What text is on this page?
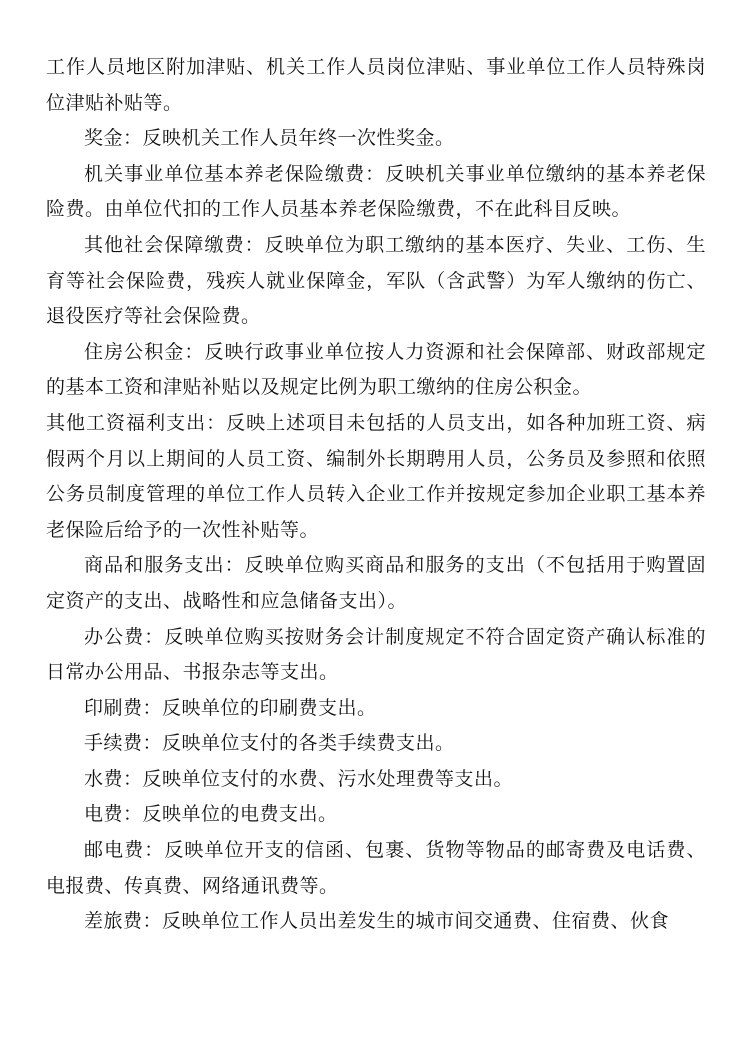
工作人员地区附加津贴、机关工作人员岗位津贴、事业单位工作人员特殊岗位津贴补贴等。

奖金：反映机关工作人员年终一次性奖金。

机关事业单位基本养老保险缴费：反映机关事业单位缴纳的基本养老保险费。由单位代扣的工作人员基本养老保险缴费，不在此科目反映。

其他社会保障缴费：反映单位为职工缴纳的基本医疗、失业、工伤、生育等社会保险费，残疾人就业保障金，军队（含武警）为军人缴纳的伤亡、退役医疗等社会保险费。

住房公积金：反映行政事业单位按人力资源和社会保障部、财政部规定的基本工资和津贴补贴以及规定比例为职工缴纳的住房公积金。

其他工资福利支出：反映上述项目未包括的人员支出，如各种加班工资、病假两个月以上期间的人员工资、编制外长期聘用人员，公务员及参照和依照公务员制度管理的单位工作人员转入企业工作并按规定参加企业职工基本养老保险后给予的一次性补贴等。

商品和服务支出：反映单位购买商品和服务的支出（不包括用于购置固定资产的支出、战略性和应急储备支出）。

办公费：反映单位购买按财务会计制度规定不符合固定资产确认标准的日常办公用品、书报杂志等支出。

印刷费：反映单位的印刷费支出。

手续费：反映单位支付的各类手续费支出。

水费：反映单位支付的水费、污水处理费等支出。

电费：反映单位的电费支出。

邮电费：反映单位开支的信函、包裹、货物等物品的邮寄费及电话费、电报费、传真费、网络通讯费等。

差旅费：反映单位工作人员出差发生的城市间交通费、住宿费、伙食
